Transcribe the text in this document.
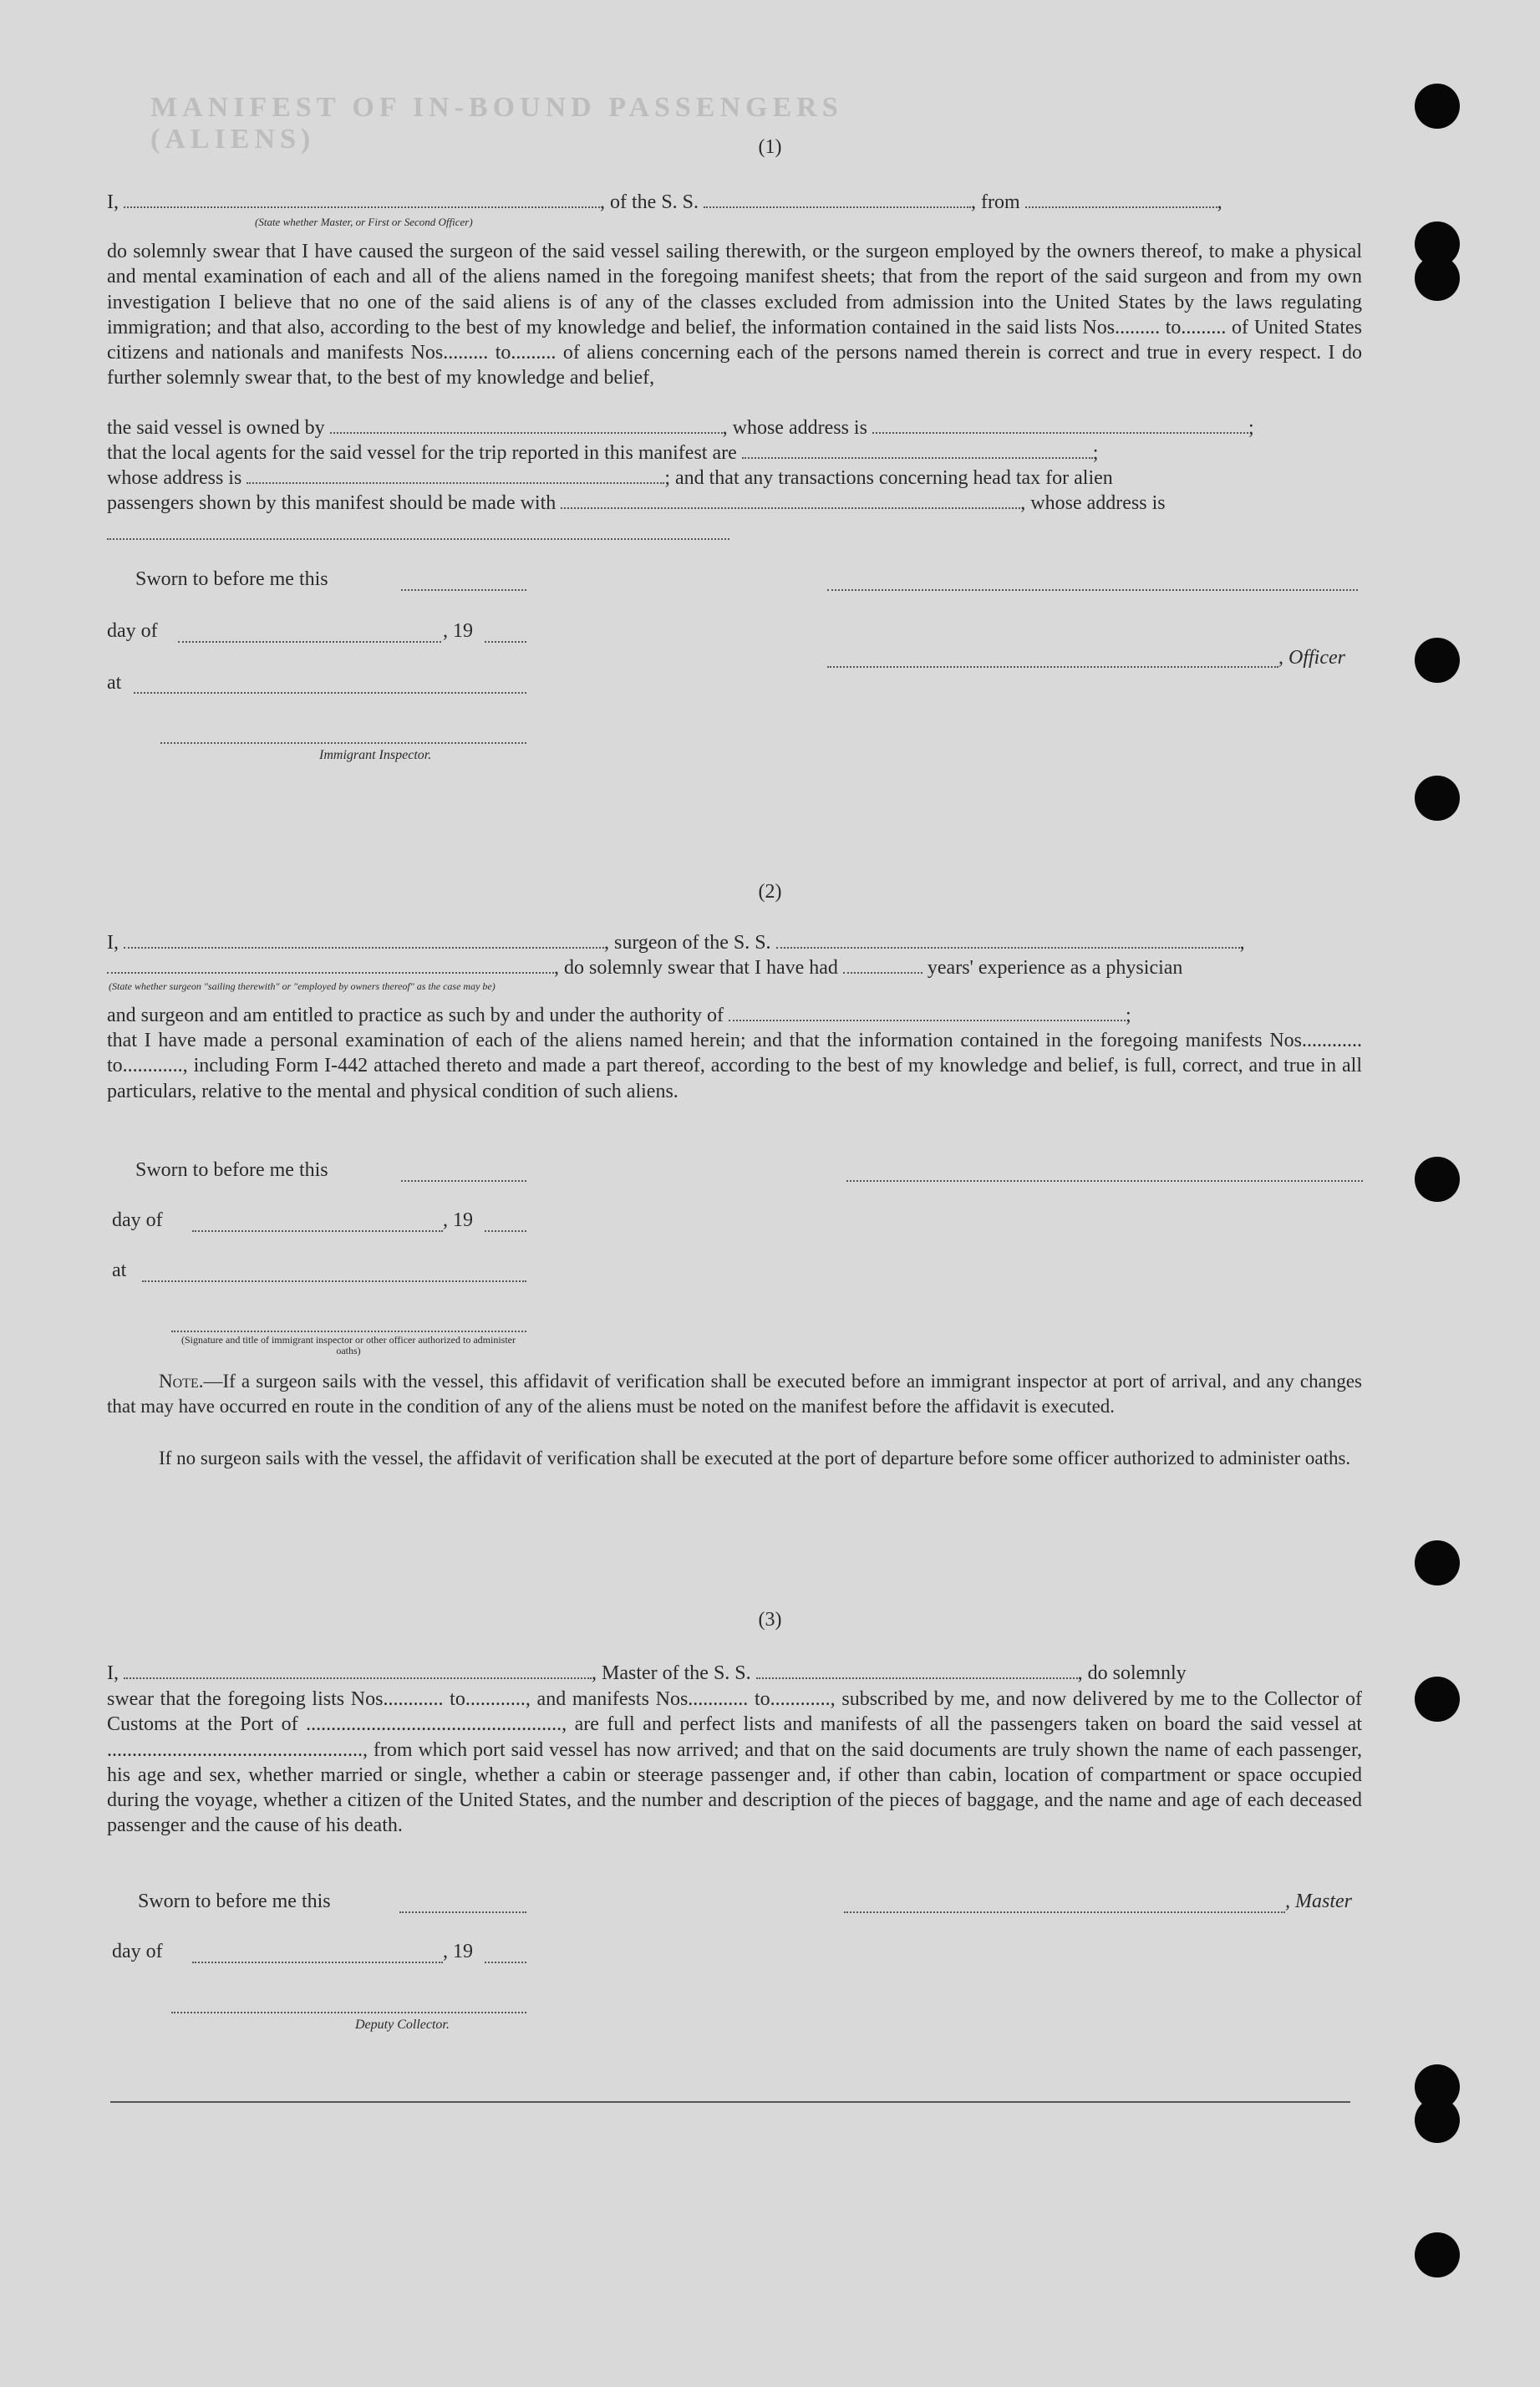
MANIFEST OF IN-BOUND PASSENGERS (ALIENS)	(1)
I,	, of the S. S.	, from	,
(State whether Master, or First or Second Officer)
do solemnly swear that I have caused the surgeon of the said vessel sailing therewith, or the surgeon employed by the owners thereof, to make a physical and mental examination of each and all of the aliens named in the foregoing manifest sheets; that from the report of the said surgeon and from my own investigation I believe that no one of the said aliens is of any of the classes excluded from admission into the United States by the laws regulating immigration; and that also, according to the best of my knowledge and belief, the information contained in the said lists Nos......... to......... of United States citizens and nationals and manifests Nos......... to......... of aliens concerning each of the persons named therein is correct and true in every respect. I do further solemnly swear that, to the best of my knowledge and belief,
the said vessel is owned by	, whose address is	;
that the local agents for the said vessel for the trip reported in this manifest are	;
whose address is	; and that any transactions concerning head tax for alien
passengers shown by this manifest should be made with	, whose address is
Sworn to before me this
day of	, 19
, Officer
at
Immigrant Inspector.
(2)
I,	, surgeon of the S. S.	,
, do solemnly swear that I have had	years' experience as a physician
(State whether surgeon "sailing therewith" or "employed by owners thereof" as the case may be)
and surgeon and am entitled to practice as such by and under the authority of	;
that I have made a personal examination of each of the aliens named herein; and that the information contained in the foregoing manifests Nos............ to............, including Form I-442 attached thereto and made a part thereof, according to the best of my knowledge and belief, is full, correct, and true in all particulars, relative to the mental and physical condition of such aliens.
Sworn to before me this
day of	, 19
at
(Signature and title of immigrant inspector or other officer authorized to administer oaths)
Note.—If a surgeon sails with the vessel, this affidavit of verification shall be executed before an immigrant inspector at port of arrival, and any changes that may have occurred en route in the condition of any of the aliens must be noted on the manifest before the affidavit is executed.
If no surgeon sails with the vessel, the affidavit of verification shall be executed at the port of departure before some officer authorized to administer oaths.
(3)
I,	, Master of the S. S.	, do solemnly
swear that the foregoing lists Nos............ to............, and manifests Nos............ to............, subscribed by me, and now delivered by me to the Collector of Customs at the Port of ..................................................., are full and perfect lists and manifests of all the passengers taken on board the said vessel at ..................................................., from which port said vessel has now arrived; and that on the said documents are truly shown the name of each passenger, his age and sex, whether married or single, whether a cabin or steerage passenger and, if other than cabin, location of compartment or space occupied during the voyage, whether a citizen of the United States, and the number and description of the pieces of baggage, and the name and age of each deceased passenger and the cause of his death.
Sworn to before me this	, Master
day of	, 19
Deputy Collector.
